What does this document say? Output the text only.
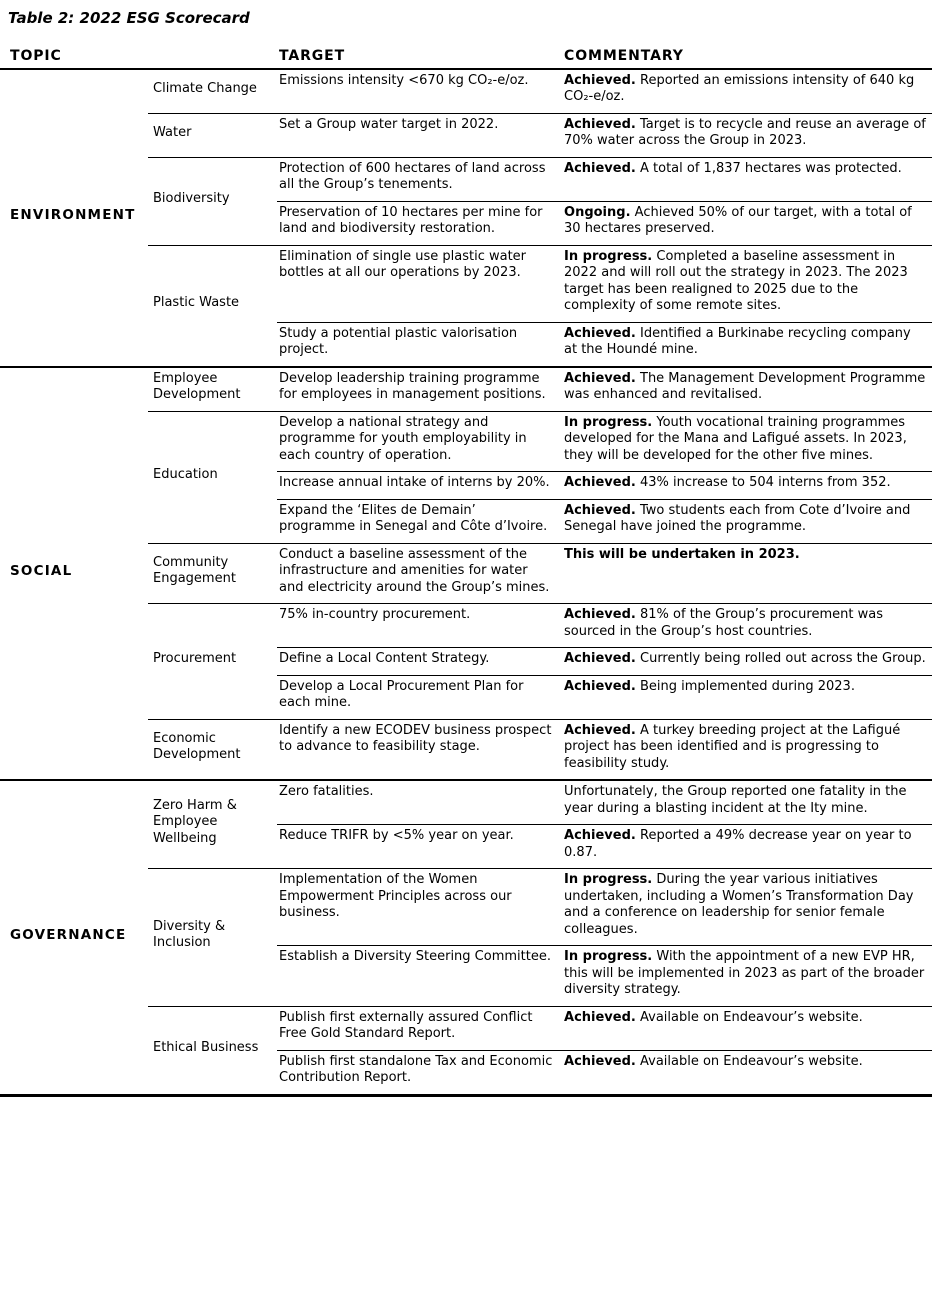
Table 2: 2022 ESG Scorecard

TOPIC		TARGET	COMMENTARY
ENVIRONMENT	Climate Change	Emissions intensity <670 kg CO₂-e/oz.	Achieved. Reported an emissions intensity of 640 kg CO₂-e/oz.
	Water	Set a Group water target in 2022.	Achieved. Target is to recycle and reuse an average of 70% water across the Group in 2023.
	Biodiversity	Protection of 600 hectares of land across all the Group’s tenements.	Achieved. A total of 1,837 hectares was protected.
		Preservation of 10 hectares per mine for land and biodiversity restoration.	Ongoing. Achieved 50% of our target, with a total of 30 hectares preserved.
	Plastic Waste	Elimination of single use plastic water bottles at all our operations by 2023.	In progress. Completed a baseline assessment in 2022 and will roll out the strategy in 2023. The 2023 target has been realigned to 2025 due to the complexity of some remote sites.
		Study a potential plastic valorisation project.	Achieved. Identified a Burkinabe recycling company at the Houndé mine.
SOCIAL	Employee Development	Develop leadership training programme for employees in management positions.	Achieved. The Management Development Programme was enhanced and revitalised.
	Education	Develop a national strategy and programme for youth employability in each country of operation.	In progress. Youth vocational training programmes developed for the Mana and Lafigué assets. In 2023, they will be developed for the other five mines.
		Increase annual intake of interns by 20%.	Achieved. 43% increase to 504 interns from 352.
		Expand the ‘Elites de Demain’ programme in Senegal and Côte d’Ivoire.	Achieved. Two students each from Cote d’Ivoire and Senegal have joined the programme.
	Community Engagement	Conduct a baseline assessment of the infrastructure and amenities for water and electricity around the Group’s mines.	This will be undertaken in 2023.
	Procurement	75% in-country procurement.	Achieved. 81% of the Group’s procurement was sourced in the Group’s host countries.
		Define a Local Content Strategy.	Achieved. Currently being rolled out across the Group.
		Develop a Local Procurement Plan for each mine.	Achieved. Being implemented during 2023.
	Economic Development	Identify a new ECODEV business prospect to advance to feasibility stage.	Achieved. A turkey breeding project at the Lafigué project has been identified and is progressing to feasibility study.
GOVERNANCE	Zero Harm & Employee Wellbeing	Zero fatalities.	Unfortunately, the Group reported one fatality in the year during a blasting incident at the Ity mine.
		Reduce TRIFR by <5% year on year.	Achieved. Reported a 49% decrease year on year to 0.87.
	Diversity & Inclusion	Implementation of the Women Empowerment Principles across our business.	In progress. During the year various initiatives undertaken, including a Women’s Transformation Day and a conference on leadership for senior female colleagues.
		Establish a Diversity Steering Committee.	In progress. With the appointment of a new EVP HR, this will be implemented in 2023 as part of the broader diversity strategy.
	Ethical Business	Publish first externally assured Conflict Free Gold Standard Report.	Achieved. Available on Endeavour’s website.
		Publish first standalone Tax and Economic Contribution Report.	Achieved. Available on Endeavour’s website.
